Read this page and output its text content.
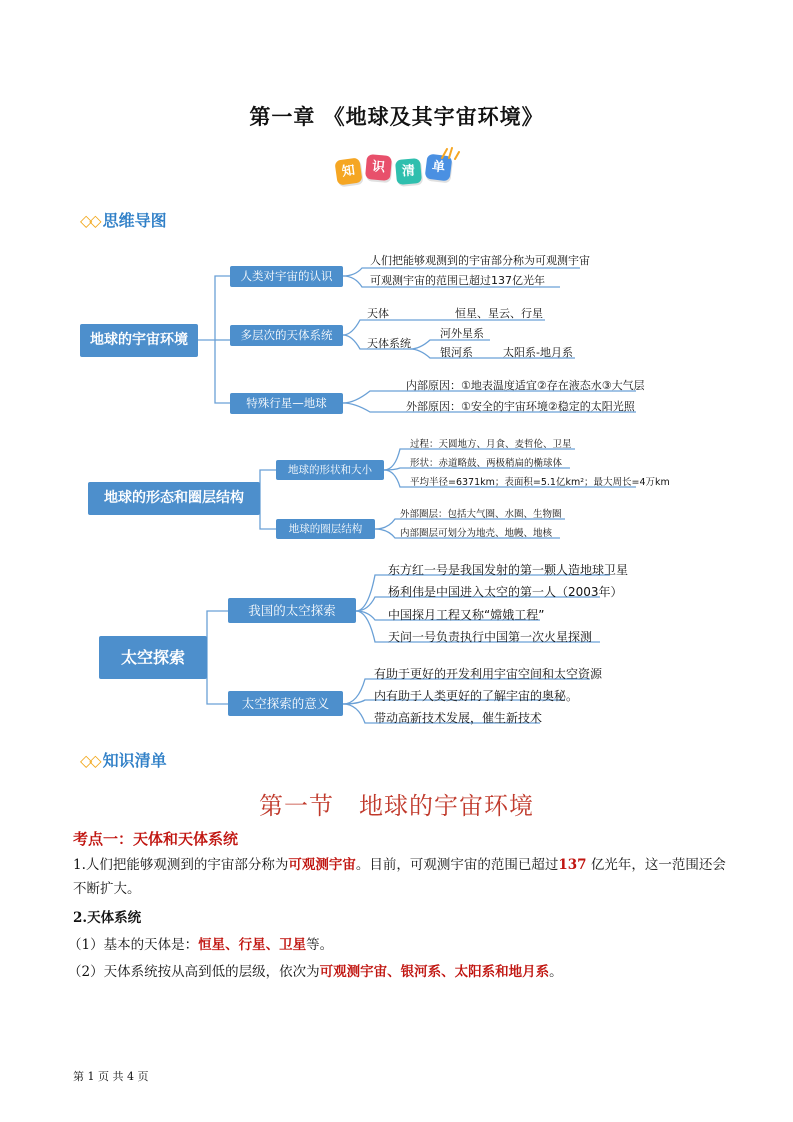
第一章 《地球及其宇宙环境》
知	识	清	单
◇◇ 思维导图
地球的宇宙环境
人类对宇宙的认识
人们把能够观测到的宇宙部分称为可观测宇宙
可观测宇宙的范围已超过137亿光年
多层次的天体系统
天体	恒星、星云、行星
天体系统
河外星系
银河系	太阳系-地月系
特殊行星—地球
内部原因：①地表温度适宜②存在液态水③大气层
外部原因：①安全的宇宙环境②稳定的太阳光照
地球的形态和圈层结构
地球的形状和大小
过程：天圆地方、月食、麦哲伦、卫星
形状：赤道略鼓、两极稍扁的椭球体
平均半径=6371km；表面积=5.1亿km²；最大周长=4万km
地球的圈层结构
外部圈层：包括大气圈、水圈、生物圈
内部圈层可划分为地壳、地幔、地核
太空探索
我国的太空探索
东方红一号是我国发射的第一颗人造地球卫星
杨利伟是中国进入太空的第一人（2003年）
中国探月工程又称“嫦娥工程”
天问一号负责执行中国第一次火星探测
太空探索的意义
有助于更好的开发利用宇宙空间和太空资源
内有助于人类更好的了解宇宙的奥秘。
带动高新技术发展，催生新技术
◇◇ 知识清单
第一节　地球的宇宙环境
考点一：天体和天体系统
1.人们把能够观测到的宇宙部分称为可观测宇宙。目前，可观测宇宙的范围已超过137 亿光年，这一范围还会不断扩大。
2.天体系统
（1）基本的天体是：恒星、行星、卫星等。
（2）天体系统按从高到低的层级，依次为可观测宇宙、银河系、太阳系和地月系。
第 1 页 共 4 页
